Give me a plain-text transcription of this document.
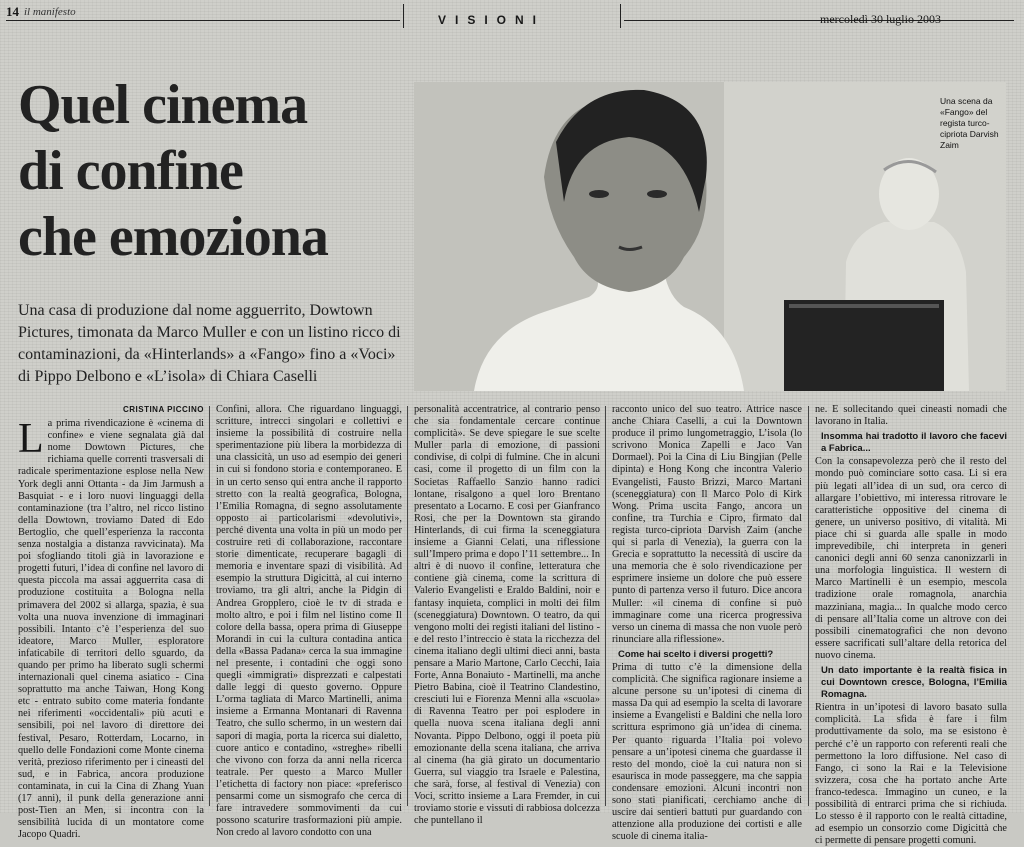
14 il manifesto
VISIONI	mercoledì 30 luglio 2003
Quel cinema
di confine
che emoziona
Una casa di produzione dal nome agguerrito, Dowtown Pictures, timonata da Marco Muller e con un listino ricco di contaminazioni, da «Hinterlands» a «Fango» fino a «Voci» di Pippo Delbono e «L’isola» di Chiara Caselli
Una scena da «Fango» del regista turco-cipriota Darvish Zaim
CRISTINA PICCINO
L a prima rivendicazione è «cinema di confine» e viene segnalata già dal nome Dowtown Pictures, che richiama quelle correnti trasversali di radicale sperimentazione esplose nella New York degli anni Ottanta - da Jim Jarmush a Basquiat - e i loro nuovi linguaggi della contaminazione (tra l’altro, nel ricco listino della Dowtown, troviamo Dated di Edo Bertoglio, che quell’esperienza la racconta senza nostalgia a distanza ravvicinata). Ma poi sfogliando titoli già in lavorazione e progetti futuri, l’idea di confine nel lavoro di questa piccola ma assai agguerrita casa di produzione costituita a Bologna nella primavera del 2002 si allarga, spazia, è sua volta una nuova invenzione di immaginari possibili. Intanto c’è l’esperienza del suo ideatore, Marco Muller, esploratore infaticabile di territori dello sguardo, da quando per primo ha liberato sugli schermi internazionali quel cinema asiatico - Cina soprattutto ma anche Taiwan, Hong Kong etc - entrato subito come materia fondante nei riferimenti «occidentali» più acuti e sensibili, poi nel lavoro di direttore dei festival, Pesaro, Rotterdam, Locarno, in quello delle Fondazioni come Monte cinema verità, prezioso riferimento per i cineasti del sud, e in Fabrica, ancora produzione contaminata, in cui la Cina di Zhang Yuan (17 anni), il punk della generazione anni post-Tien an Men, si incontra con la sensibilità lucida di un montatore come Jacopo Quadri.

Confini, allora. Che riguardano linguaggi, scritture, intrecci singolari e collettivi e insieme la possibilità di costruire nella sperimentazione più libera la morbidezza di una classicità, un uso ad esempio dei generi in cui si fondono storia e contemporaneo. E in un certo senso qui entra anche il rapporto stretto con la realtà geografica, Bologna, l’Emilia Romagna, di segno assolutamente opposto ai particolarismi «devolutivi», perché diventa una volta in più un modo per costruire reti di collaborazione, raccontare storie dimenticate, recuperare bagagli di memoria e inventare spazi di visibilità. Ad esempio la struttura Digicittà, al cui interno troviamo, tra gli altri, anche la Pidgin di Andrea Gropplero, cioè le tv di strada e molto altro, e poi i film nel listino come Il colore della bassa, opera prima di Giuseppe Morandi in cui la cultura contadina antica della «Bassa Padana» cerca la sua immagine nel presente, i contadini che oggi sono quegli «immigrati» disprezzati e calpestati dalle leggi di questo governo. Oppure L’orma tagliata di Marco Martinelli, anima insieme a Ermanna Montanari di Ravenna Teatro, che sullo schermo, in un western dai sapori di magia, porta la ricerca sui dialetto, cuore antico e contadino, «streghe» ribelli che vivono con forza da anni nella ricerca teatrale. Per questo a Marco Muller l’etichetta di factory non piace: «preferisco pensarmi come un sismografo che cerca di fare intravedere sommovimenti da cui possono scaturire trasformazioni più ampie. Non credo al lavoro condotto con una

personalità accentratrice, al contrario penso che sia fondamentale cercare continue complicità». Se deve spiegare le sue scelte Muller parla di emozione, di passioni condivise, di colpi di fulmine. Che in alcuni casi, come il progetto di un film con la Societas Raffaello Sanzio hanno radici lontane, risalgono a quel loro Brentano presentato a Locarno. E così per Gianfranco Rosi, che per la Downtown sta girando Hinterlands, di cui firma la sceneggiatura insieme a Gianni Celati, una riflessione sull’Impero prima e dopo l’11 settembre... In altri è di nuovo il confine, letteratura che contiene già cinema, come la scrittura di Valerio Evangelisti e Eraldo Baldini, noir e fantasy inquieta, complici in molti dei film (sceneggiatura) Downtown. O teatro, da qui vengono molti dei registi italiani del listino - e del resto l’intreccio è stata la ricchezza del cinema italiano degli ultimi dieci anni, basta pensare a Mario Martone, Carlo Cecchi, Iaia Forte, Anna Bonaiuto - Martinelli, ma anche Pietro Babina, cioè il Teatrino Clandestino, cresciuti lui e Fiorenza Menni alla «scuola» di Ravenna Teatro per poi esplodere in quella nuova scena italiana degli anni Novanta. Pippo Delbono, oggi il poeta più emozionante della scena italiana, che arriva al cinema (ha già girato un documentario Guerra, sul viaggio tra Israele e Palestina, che sarà, forse, al festival di Venezia) con Voci, scritto insieme a Lara Fremder, in cui troviamo storie e vissuti di rabbiosa dolcezza che puntellano il

racconto unico del suo teatro. Attrice nasce anche Chiara Caselli, a cui la Downtown produce il primo lungometraggio, L’isola (lo scrivono Monica Zapelli e Jaco Van Dormael). Poi la Cina di Liu Bingjian (Pelle dipinta) e Hong Kong che incontra Valerio Evangelisti, Fausto Brizzi, Marco Martani (sceneggiatura) con Il Marco Polo di Kirk Wong. Prima uscita Fango, ancora un confine, tra Turchia e Cipro, firmato dal regista turco-cipriota Darvish Zaim (anche qui si parla di Venezia), la guerra con la Grecia e soprattutto la necessità di uscire da una memoria che è solo rivendicazione per esprimere insieme un dolore che può essere punto di partenza verso il futuro. Dice ancora Muller: «il cinema di confine si può immaginare come una ricerca progressiva verso un cinema di massa che non vuole però rinunciare alla riflessione».

Come hai scelto i diversi progetti?

Prima di tutto c’è la dimensione della complicità. Che significa ragionare insieme a alcune persone su un’ipotesi di cinema di massa Da qui ad esempio la scelta di lavorare insieme a Evangelisti e Baldini che nella loro scrittura esprimono già un’idea di cinema. Per quanto riguarda l’Italia poi volevo pensare a un’ipotesi cinema che guardasse il resto del mondo, cioè la cui natura non si esaurisca in mode passeggere, ma che sappia condensare emozioni. Alcuni incontri non sono stati pianificati, cerchiamo anche di uscire dai sentieri battuti pur guardando con attenzione alla produzione dei cortisti e alle scuole di cinema italia-

ne. E sollecitando quei cineasti nomadi che lavorano in Italia.

Insomma hai tradotto il lavoro che facevi a Fabrica...

Con la consapevolezza però che il resto del mondo può cominciare sotto casa. Li si era più legati all’idea di un sud, ora cerco di allargare l’obiettivo, mi interessa ritrovare le caratteristiche oppositive del cinema di genere, un universo positivo, di vitalità. Mi piace chi si guarda alle spalle in modo imprevedibile, chi interpreta in generi canonici degli anni 60 senza canonizzarli in una morfologia linguistica. Il western di Marco Martinelli è un esempio, mescola tradizione orale romagnola, anarchia mazziniana, magia... In qualche modo cerco di pensare all’Italia come un altrove con dei possibili cinematografici che non devono essere sacrificati sull’altare della retorica del nuovo cinema.

Un dato importante è la realtà fisica in cui Downtown cresce, Bologna, l’Emilia Romagna.

Rientra in un’ipotesi di lavoro basato sulla complicità. La sfida è fare i film produttivamente da solo, ma se esistono è perché c’è un rapporto con referenti reali che permettono la loro diffusione. Nel caso di Fango, ci sono la Rai e la Televisione svizzera, cosa che ha portato anche Arte franco-tedesca. Immagino un cuneo, e la possibilità di entrarci prima che si richiuda. Lo stesso è il rapporto con le realtà cittadine, ad esempio un consorzio come Digicittà che ci permette di pensare progetti comuni.
